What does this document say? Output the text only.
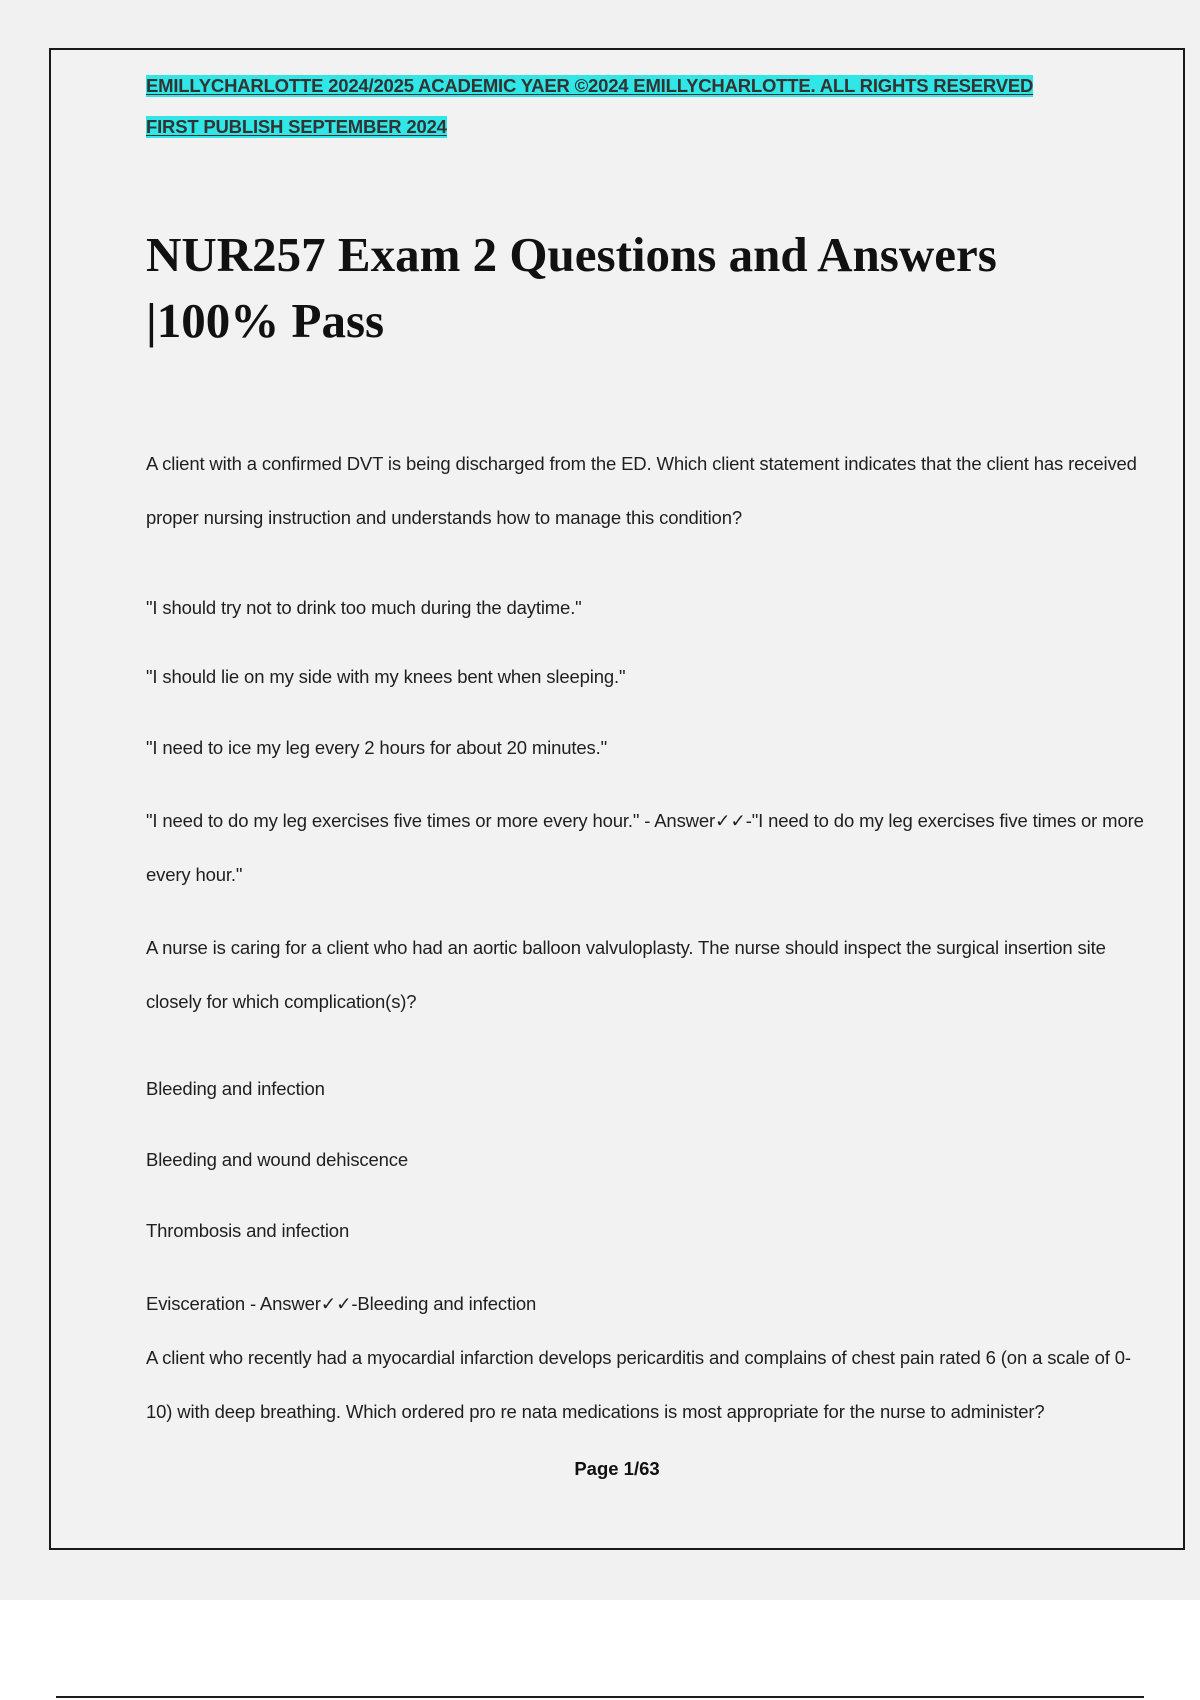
EMILLYCHARLOTTE 2024/2025 ACADEMIC YAER ©2024 EMILLYCHARLOTTE. ALL RIGHTS RESERVED
FIRST PUBLISH SEPTEMBER 2024
NUR257 Exam 2 Questions and Answers |100% Pass

A client with a confirmed DVT is being discharged from the ED. Which client statement indicates that the client has received proper nursing instruction and understands how to manage this condition?

"I should try not to drink too much during the daytime."

"I should lie on my side with my knees bent when sleeping."

"I need to ice my leg every 2 hours for about 20 minutes."

"I need to do my leg exercises five times or more every hour." - Answer✓✓-"I need to do my leg exercises five times or more every hour."

A nurse is caring for a client who had an aortic balloon valvuloplasty. The nurse should inspect the surgical insertion site closely for which complication(s)?

Bleeding and infection

Bleeding and wound dehiscence

Thrombosis and infection

Evisceration - Answer✓✓-Bleeding and infection

A client who recently had a myocardial infarction develops pericarditis and complains of chest pain rated 6 (on a scale of 0-10) with deep breathing. Which ordered pro re nata medications is most appropriate for the nurse to administer?

Page 1/63
